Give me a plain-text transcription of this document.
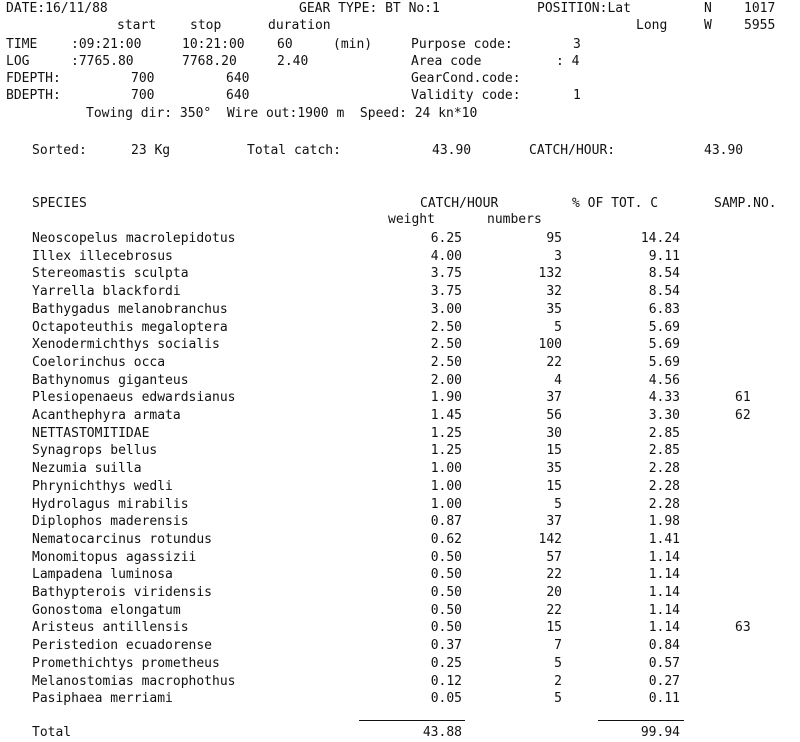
DATE:16/11/88	GEAR TYPE: BT No:1	POSITION:Lat	N 1017
start	stop	duration	Long	W 5955
TIME	:09:21:00	10:21:00 60	(min)	Purpose code:	3
LOG	:7765.80	7768.20	2.40	Area code	: 4
FDEPTH:	700	640	GearCond.code:
BDEPTH:	700	640	Validity code:	1
Towing dir: 350°  Wire out:1900 m  Speed: 24 kn*10
Sorted:	23 Kg	Total catch:	43.90	CATCH/HOUR:	43.90
SPECIES	CATCH/HOUR	% OF TOT. C	SAMP.NO.
weight	numbers
Neoscopelus macrolepidotus	6.25	95	14.24
Illex illecebrosus	4.00	3	9.11
Stereomastis sculpta	3.75	132	8.54
Yarrella blackfordi	3.75	32	8.54
Bathygadus melanobranchus	3.00	35	6.83
Octapoteuthis megaloptera	2.50	5	5.69
Xenodermichthys socialis	2.50	100	5.69
Coelorinchus occa	2.50	22	5.69
Bathynomus giganteus	2.00	4	4.56
Plesiopenaeus edwardsianus	1.90	37	4.33	61
Acanthephyra armata	1.45	56	3.30	62
NETTASTOMITIDAE	1.25	30	2.85
Synagrops bellus	1.25	15	2.85
Nezumia suilla	1.00	35	2.28
Phrynichthys wedli	1.00	15	2.28
Hydrolagus mirabilis	1.00	5	2.28
Diplophos maderensis	0.87	37	1.98
Nematocarcinus rotundus	0.62	142	1.41
Monomitopus agassizii	0.50	57	1.14
Lampadena luminosa	0.50	22	1.14
Bathypterois viridensis	0.50	20	1.14
Gonostoma elongatum	0.50	22	1.14
Aristeus antillensis	0.50	15	1.14	63
Peristedion ecuadorense	0.37	7	0.84
Promethichtys prometheus	0.25	5	0.57
Melanostomias macrophothus	0.12	2	0.27
Pasiphaea merriami	0.05	5	0.11
Total	43.88	99.94
